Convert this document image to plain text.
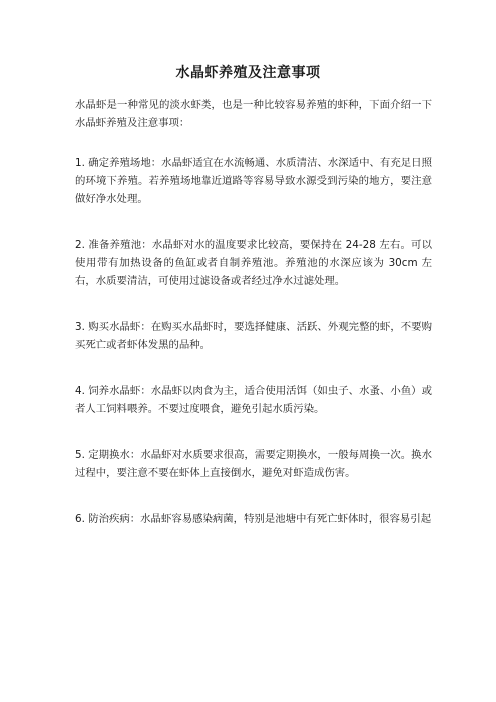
水晶虾养殖及注意事项

水晶虾是一种常见的淡水虾类，也是一种比较容易养殖的虾种，下面介绍一下水晶虾养殖及注意事项：

1. 确定养殖场地：水晶虾适宜在水流畅通、水质清洁、水深适中、有充足日照的环境下养殖。若养殖场地靠近道路等容易导致水源受到污染的地方，要注意做好净水处理。

2. 准备养殖池：水晶虾对水的温度要求比较高，要保持在 24-28 左右。可以使用带有加热设备的鱼缸或者自制养殖池。养殖池的水深应该为 30cm 左右，水质要清洁，可使用过滤设备或者经过净水过滤处理。

3. 购买水晶虾：在购买水晶虾时，要选择健康、活跃、外观完整的虾，不要购买死亡或者虾体发黑的品种。

4. 饲养水晶虾：水晶虾以肉食为主，适合使用活饵（如虫子、水蚤、小鱼）或者人工饲料喂养。不要过度喂食，避免引起水质污染。

5. 定期换水：水晶虾对水质要求很高，需要定期换水，一般每周换一次。换水过程中，要注意不要在虾体上直接倒水，避免对虾造成伤害。

6. 防治疾病：水晶虾容易感染病菌，特别是池塘中有死亡虾体时，很容易引起
